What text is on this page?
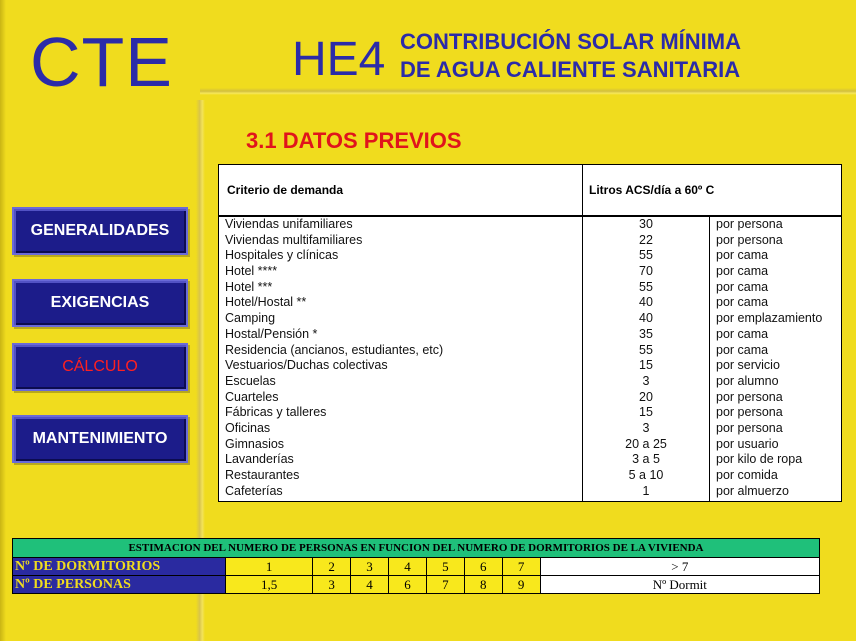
CTE HE4 CONTRIBUCIÓN SOLAR MÍNIMA
DE AGUA CALIENTE SANITARIA
3.1 DATOS PREVIOS
GENERALIDADES
EXIGENCIAS
CÁLCULO
MANTENIMIENTO
Criterio de demanda	Litros ACS/día a 60º C
Viviendas unifamiliares	30	por persona
Viviendas multifamiliares	22	por persona
Hospitales y clínicas	55	por cama
Hotel ****	70	por cama
Hotel ***	55	por cama
Hotel/Hostal **	40	por cama
Camping	40	por emplazamiento
Hostal/Pensión *	35	por cama
Residencia (ancianos, estudiantes, etc)	55	por cama
Vestuarios/Duchas colectivas	15	por servicio
Escuelas	3	por alumno
Cuarteles	20	por persona
Fábricas y talleres	15	por persona
Oficinas	3	por persona
Gimnasios	20 a 25	por usuario
Lavanderías	3 a 5	por kilo de ropa
Restaurantes	5 a 10	por comida
Cafeterías	1	por almuerzo
ESTIMACION DEL NUMERO DE PERSONAS EN FUNCION DEL NUMERO DE DORMITORIOS DE LA VIVIENDA								
Nº DE DORMITORIOS	1	2	3	4	5	6	7	> 7
Nº DE PERSONAS	1,5	3	4	6	7	8	9	Nº Dormit
